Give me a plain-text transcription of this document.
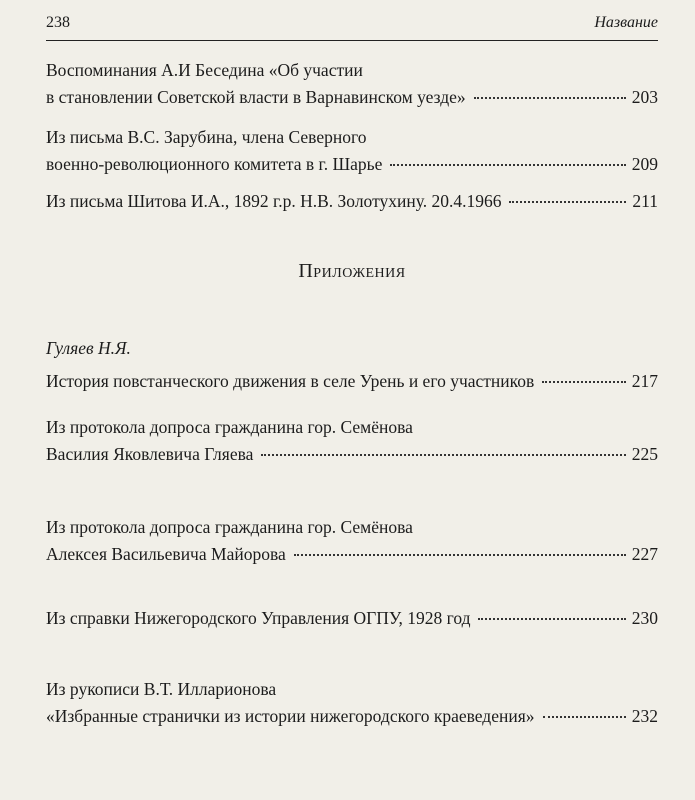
238	Название
Воспоминания А.И Беседина «Об участии
в становлении Советской власти в Варнавинском уезде»	203
Из письма В.С. Зарубина, члена Северного
военно-революционного комитета в г. Шарье	209
Из письма Шитова И.А., 1892 г.р. Н.В. Золотухину. 20.4.1966	211
Приложения
Гуляев Н.Я.
История повстанческого движения в селе Урень и его участников	217
Из протокола допроса гражданина гор. Семёнова
Василия Яковлевича Гляева	225
Из протокола допроса гражданина гор. Семёнова
Алексея Васильевича Майорова	227
Из справки Нижегородского Управления ОГПУ, 1928 год	230
Из рукописи В.Т. Илларионова
«Избранные странички из истории нижегородского краеведения»	232
